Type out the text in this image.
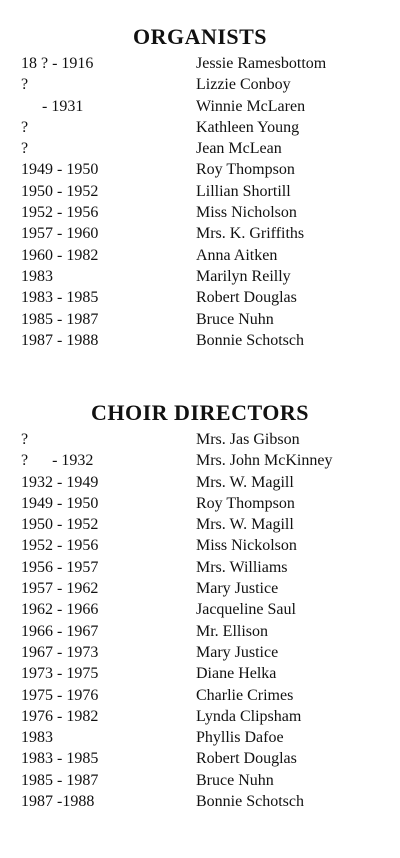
ORGANISTS
18 ? - 1916	Jessie Ramesbottom
?	Lizzie Conboy
- 1931	Winnie McLaren
?	Kathleen Young
?	Jean McLean
1949 - 1950	Roy Thompson
1950 - 1952	Lillian Shortill
1952 - 1956	Miss Nicholson
1957 - 1960	Mrs. K. Griffiths
1960 - 1982	Anna Aitken
1983	Marilyn Reilly
1983 - 1985	Robert Douglas
1985 - 1987	Bruce Nuhn
1987 - 1988	Bonnie Schotsch
CHOIR DIRECTORS
?	Mrs. Jas Gibson
?      - 1932	Mrs. John McKinney
1932 - 1949	Mrs. W. Magill
1949 - 1950	Roy Thompson
1950 - 1952	Mrs. W. Magill
1952 - 1956	Miss Nickolson
1956 - 1957	Mrs. Williams
1957 - 1962	Mary Justice
1962 - 1966	Jacqueline Saul
1966 - 1967	Mr. Ellison
1967 - 1973	Mary Justice
1973 - 1975	Diane Helka
1975 - 1976	Charlie Crimes
1976 - 1982	Lynda Clipsham
1983	Phyllis Dafoe
1983 - 1985	Robert Douglas
1985 - 1987	Bruce Nuhn
1987 -1988	Bonnie Schotsch
